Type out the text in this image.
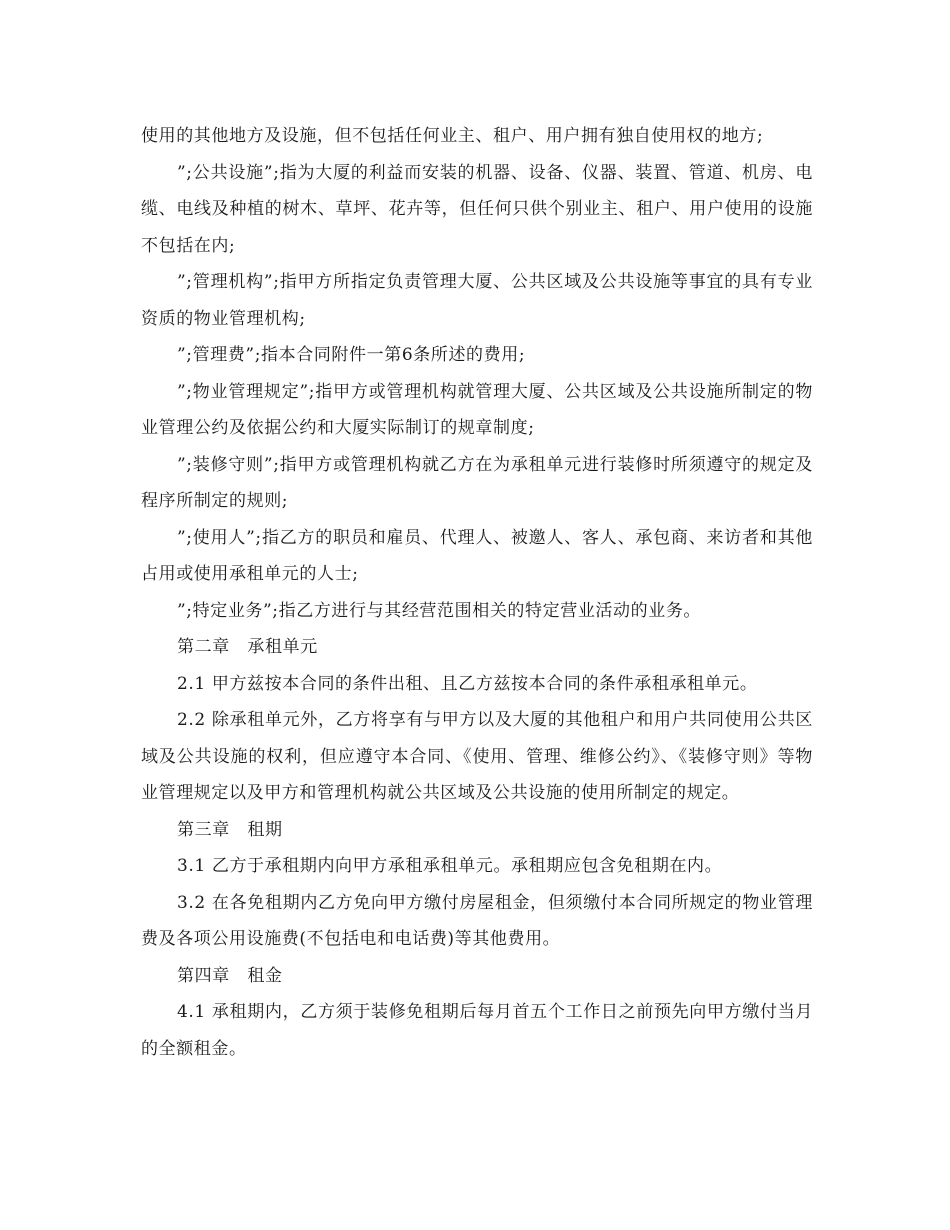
使用的其他地方及设施，但不包括任何业主、租户、用户拥有独自使用权的地方;

”;公共设施”;指为大厦的利益而安装的机器、设备、仪器、装置、管道、机房、电缆、电线及种植的树木、草坪、花卉等，但任何只供个别业主、租户、用户使用的设施不包括在内;

”;管理机构”;指甲方所指定负责管理大厦、公共区域及公共设施等事宜的具有专业资质的物业管理机构;

”;管理费”;指本合同附件一第6条所述的费用;

”;物业管理规定”;指甲方或管理机构就管理大厦、公共区域及公共设施所制定的物业管理公约及依据公约和大厦实际制订的规章制度;

”;装修守则”;指甲方或管理机构就乙方在为承租单元进行装修时所须遵守的规定及程序所制定的规则;

”;使用人”;指乙方的职员和雇员、代理人、被邀人、客人、承包商、来访者和其他占用或使用承租单元的人士;

”;特定业务”;指乙方进行与其经营范围相关的特定营业活动的业务。

第二章　承租单元

2.1 甲方兹按本合同的条件出租、且乙方兹按本合同的条件承租承租单元。

2.2 除承租单元外，乙方将享有与甲方以及大厦的其他租户和用户共同使用公共区域及公共设施的权利，但应遵守本合同、《使用、管理、维修公约》、《装修守则》等物业管理规定以及甲方和管理机构就公共区域及公共设施的使用所制定的规定。

第三章　租期

3.1 乙方于承租期内向甲方承租承租单元。承租期应包含免租期在内。

3.2 在各免租期内乙方免向甲方缴付房屋租金，但须缴付本合同所规定的物业管理费及各项公用设施费(不包括电和电话费)等其他费用。

第四章　租金

4.1 承租期内，乙方须于装修免租期后每月首五个工作日之前预先向甲方缴付当月的全额租金。
